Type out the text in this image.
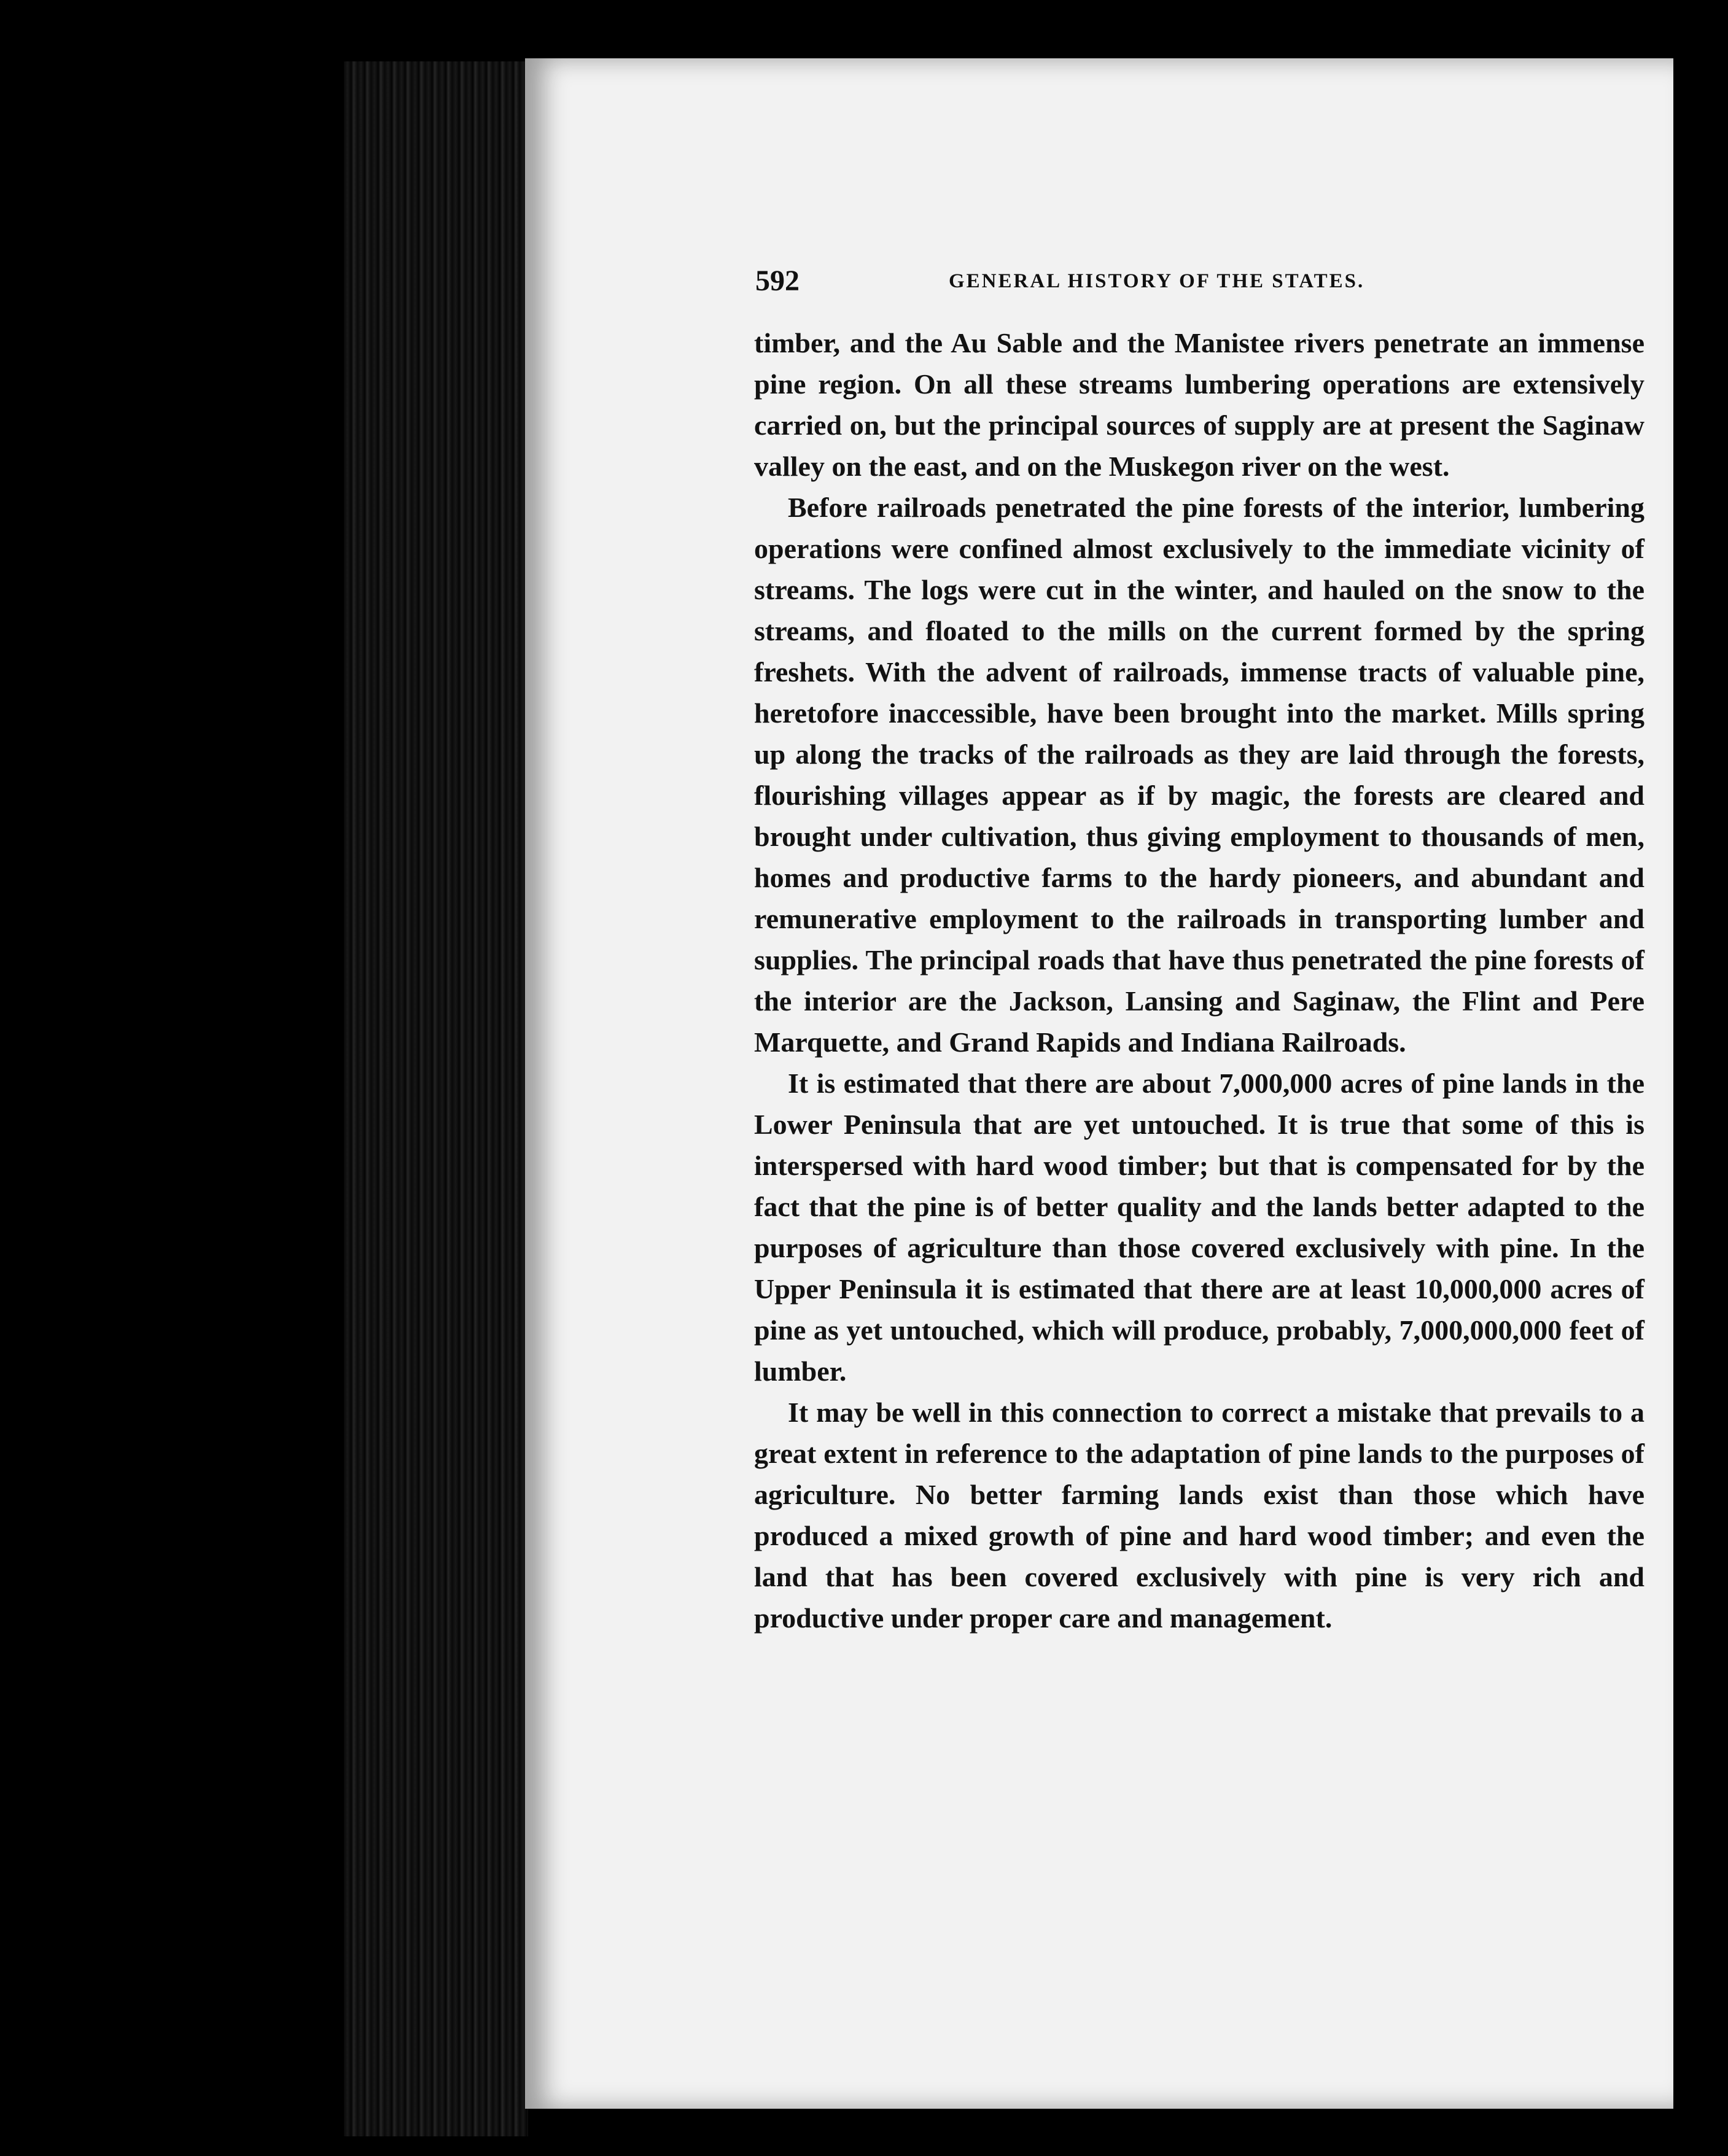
592	GENERAL HISTORY OF THE STATES.

timber, and the Au Sable and the Manistee rivers penetrate an immense pine region. On all these streams lumbering operations are extensively carried on, but the principal sources of supply are at present the Saginaw valley on the east, and on the Muskegon river on the west.

Before railroads penetrated the pine forests of the interior, lumbering operations were confined almost exclusively to the immediate vicinity of streams. The logs were cut in the winter, and hauled on the snow to the streams, and floated to the mills on the current formed by the spring freshets. With the advent of railroads, immense tracts of valuable pine, heretofore inaccessible, have been brought into the market. Mills spring up along the tracks of the railroads as they are laid through the forests, flourishing villages appear as if by magic, the forests are cleared and brought under cultivation, thus giving employment to thousands of men, homes and productive farms to the hardy pioneers, and abundant and remunerative employment to the railroads in transporting lumber and supplies. The principal roads that have thus penetrated the pine forests of the interior are the Jackson, Lansing and Saginaw, the Flint and Pere Marquette, and Grand Rapids and Indiana Railroads.

It is estimated that there are about 7,000,000 acres of pine lands in the Lower Peninsula that are yet untouched. It is true that some of this is interspersed with hard wood timber; but that is compensated for by the fact that the pine is of better quality and the lands better adapted to the purposes of agriculture than those covered exclusively with pine. In the Upper Peninsula it is estimated that there are at least 10,000,000 acres of pine as yet untouched, which will produce, probably, 7,000,000,000 feet of lumber.

It may be well in this connection to correct a mistake that prevails to a great extent in reference to the adaptation of pine lands to the purposes of agriculture. No better farming lands exist than those which have produced a mixed growth of pine and hard wood timber; and even the land that has been covered exclusively with pine is very rich and productive under proper care and management.
